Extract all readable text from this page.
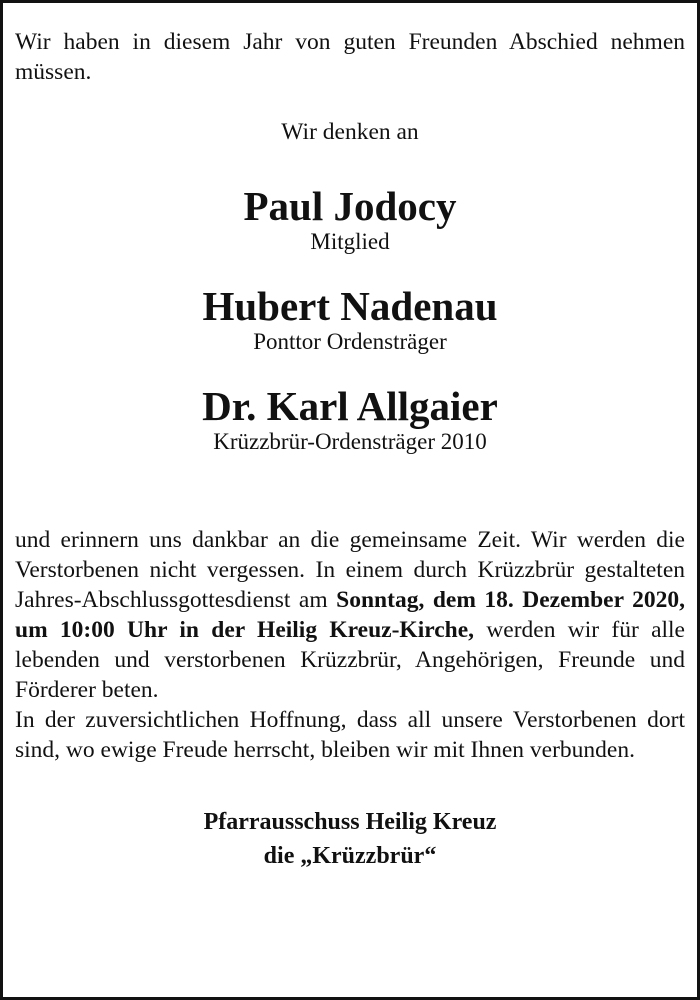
Wir haben in diesem Jahr von guten Freunden Abschied nehmen müssen.

Wir denken an

Paul Jodocy
Mitglied
Hubert Nadenau
Ponttor Ordensträger
Dr. Karl Allgaier
Krüzzbrür-Ordensträger 2010

und erinnern uns dankbar an die gemeinsame Zeit. Wir werden die Verstorbenen nicht vergessen. In einem durch Krüzzbrür gestalteten Jahres-Abschlussgottesdienst am Sonntag, dem 18. Dezember 2020, um 10:00 Uhr in der Heilig Kreuz-Kirche, werden wir für alle lebenden und verstorbenen Krüzzbrür, Angehörigen, Freunde und Förderer beten.

In der zuversichtlichen Hoffnung, dass all unsere Verstorbenen dort sind, wo ewige Freude herrscht, bleiben wir mit Ihnen verbunden.

Pfarrausschuss Heilig Kreuz
die „Krüzzbrür“
